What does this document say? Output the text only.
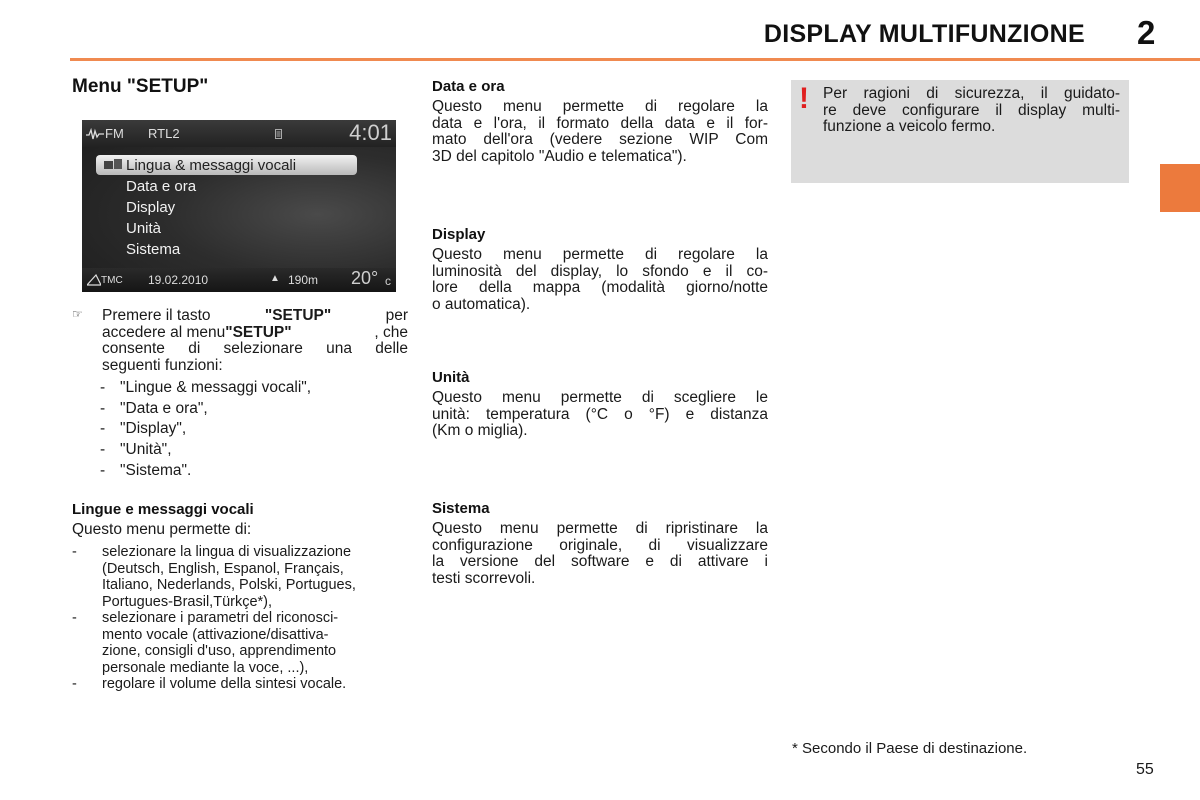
DISPLAY MULTIFUNZIONE 2
Menu "SETUP"
FM RTL2	4:01
Lingua & messaggi vocali
Data e ora
Display
Unità
Sistema
TMC 19.02.2010	▲ 190m 20° c
☞ Premere il tasto	"SETUP"	per
accedere al menu "SETUP"	, che
consente di selezionare una delle
seguenti funzioni:
- "Lingue & messaggi vocali",
- "Data e ora",
- "Display",
- "Unità",
- "Sistema".
Lingue e messaggi vocali
Questo menu permette di:
-	selezionare la lingua di visualizzazione
(Deutsch, English, Espanol, Français,
Italiano, Nederlands, Polski, Portugues,
Portugues-Brasil,Türkçe*),
-	selezionare i parametri del riconosci-
mento vocale (attivazione/disattiva-
zione, consigli d'uso, apprendimento
personale mediante la voce, ...),
-	regolare il volume della sintesi vocale.
Data e ora
Questo menu permette di regolare la
data e l'ora, il formato della data e il for-
mato dell'ora (vedere sezione WIP Com
3D del capitolo "Audio e telematica").
Display
Questo menu permette di regolare la
luminosità del display, lo sfondo e il co-
lore della mappa (modalità giorno/notte
o automatica).
Unità
Questo menu permette di scegliere le
unità: temperatura (°C o °F) e distanza
(Km o miglia).
Sistema
Questo menu permette di ripristinare la
configurazione originale, di visualizzare
la versione del software e di attivare i
testi scorrevoli.
! Per ragioni di sicurezza, il guidato-
re deve configurare il display multi-
funzione a veicolo fermo.
* Secondo il Paese di destinazione.
55
